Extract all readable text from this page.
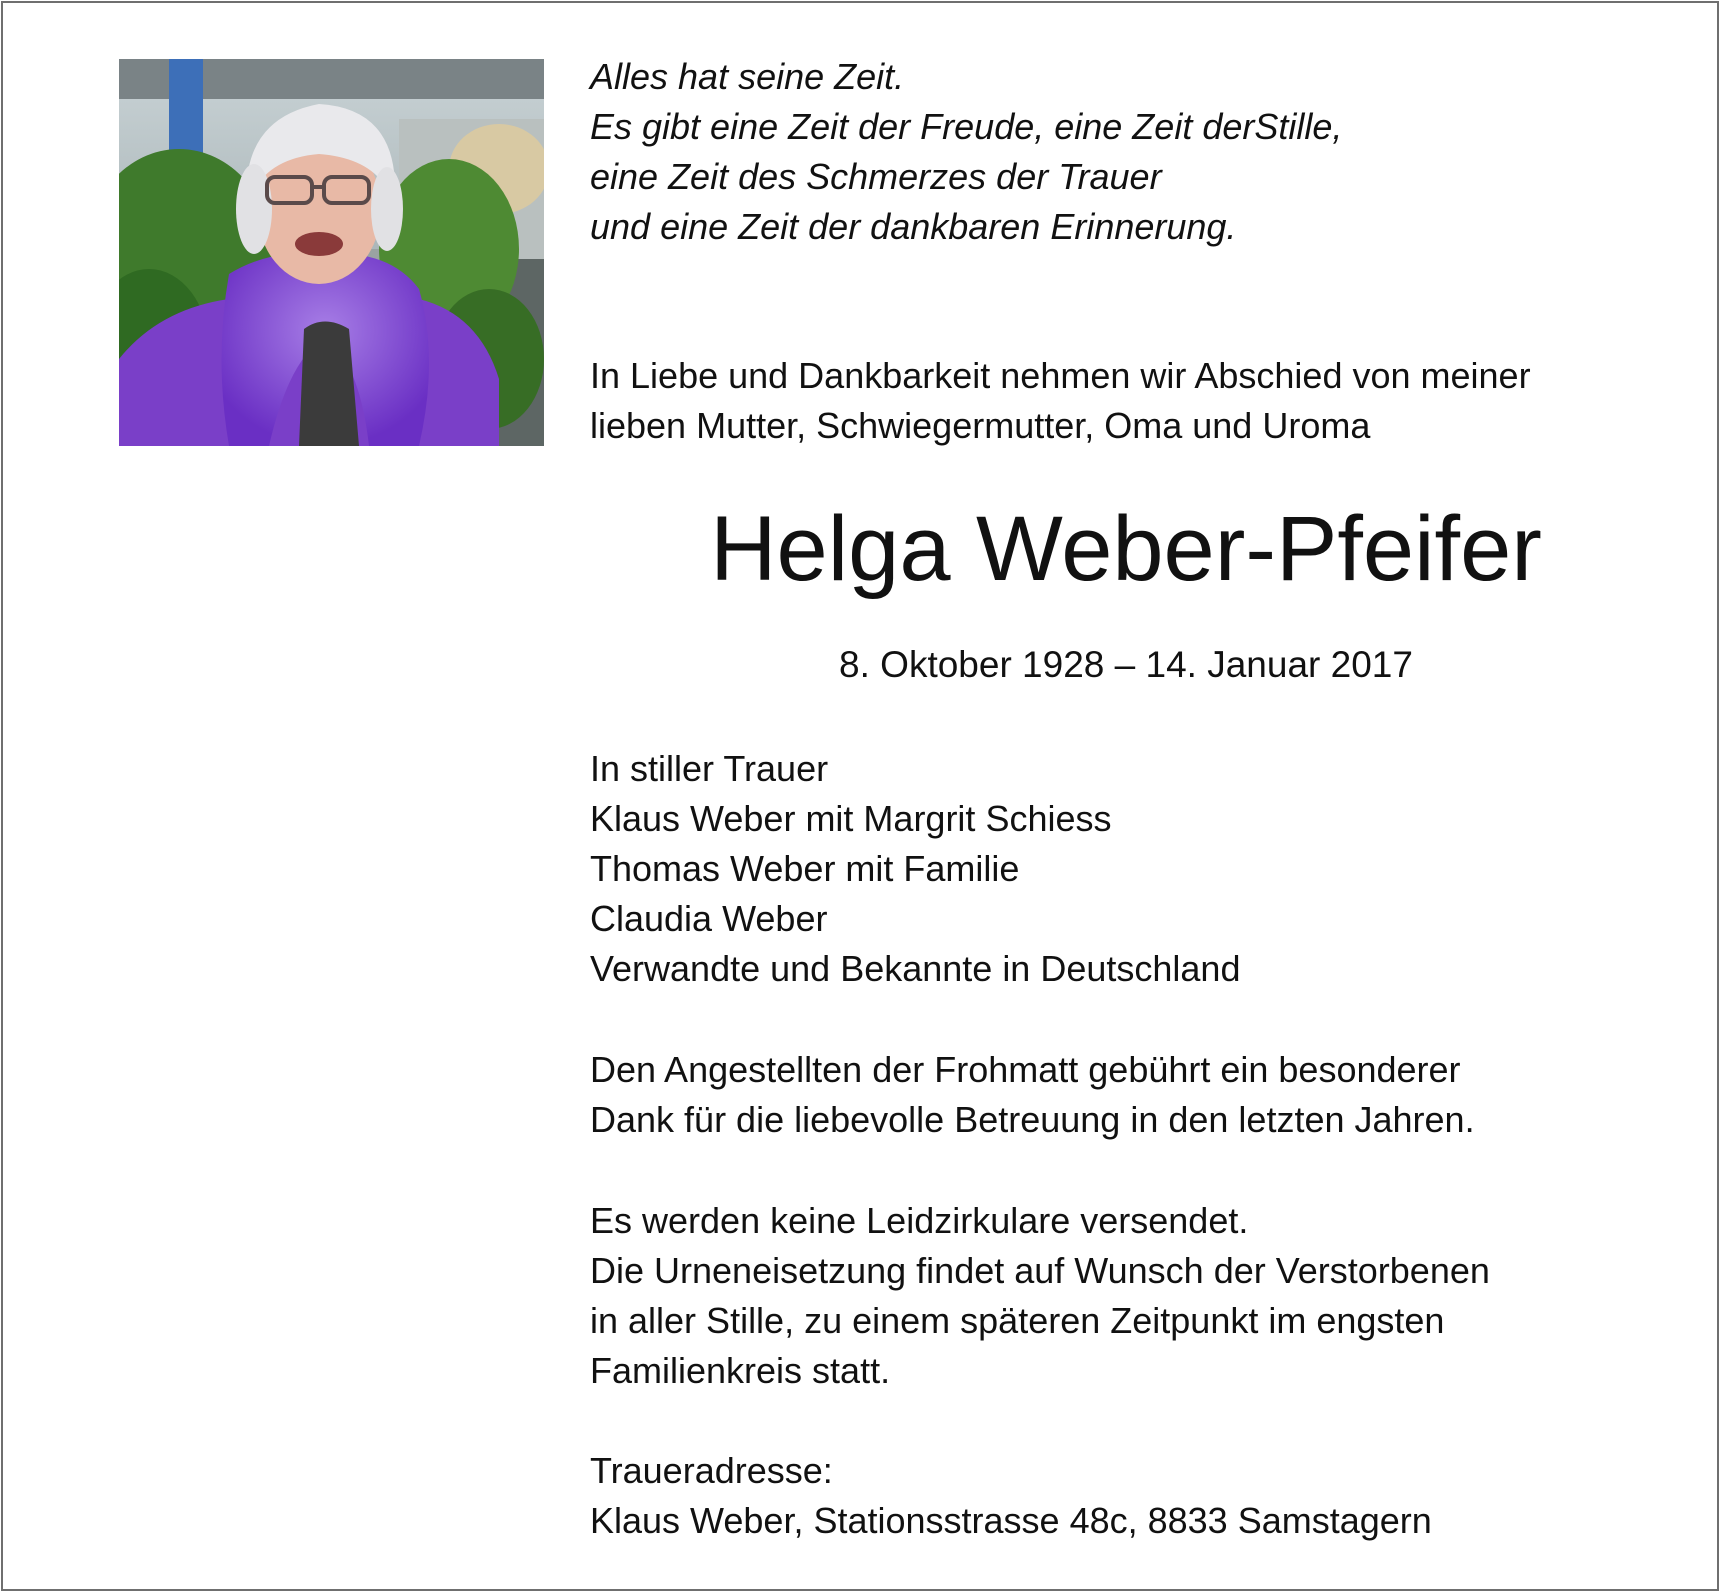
Alles hat seine Zeit.
Es gibt eine Zeit der Freude, eine Zeit derStille,
eine Zeit des Schmerzes der Trauer
und eine Zeit der dankbaren Erinnerung.
In Liebe und Dankbarkeit nehmen wir Abschied von meiner
lieben Mutter, Schwiegermutter, Oma und Uroma
Helga Weber-Pfeifer
8. Oktober 1928 – 14. Januar 2017
In stiller Trauer
Klaus Weber mit Margrit Schiess
Thomas Weber mit Familie
Claudia Weber
Verwandte und Bekannte in Deutschland
Den Angestellten der Frohmatt gebührt ein besonderer
Dank für die liebevolle Betreuung in den letzten Jahren.
Es werden keine Leidzirkulare versendet.
Die Urneneisetzung findet auf Wunsch der Verstorbenen
in aller Stille, zu einem späteren Zeitpunkt im engsten
Familienkreis statt.
Traueradresse:
Klaus Weber, Stationsstrasse 48c, 8833 Samstagern
